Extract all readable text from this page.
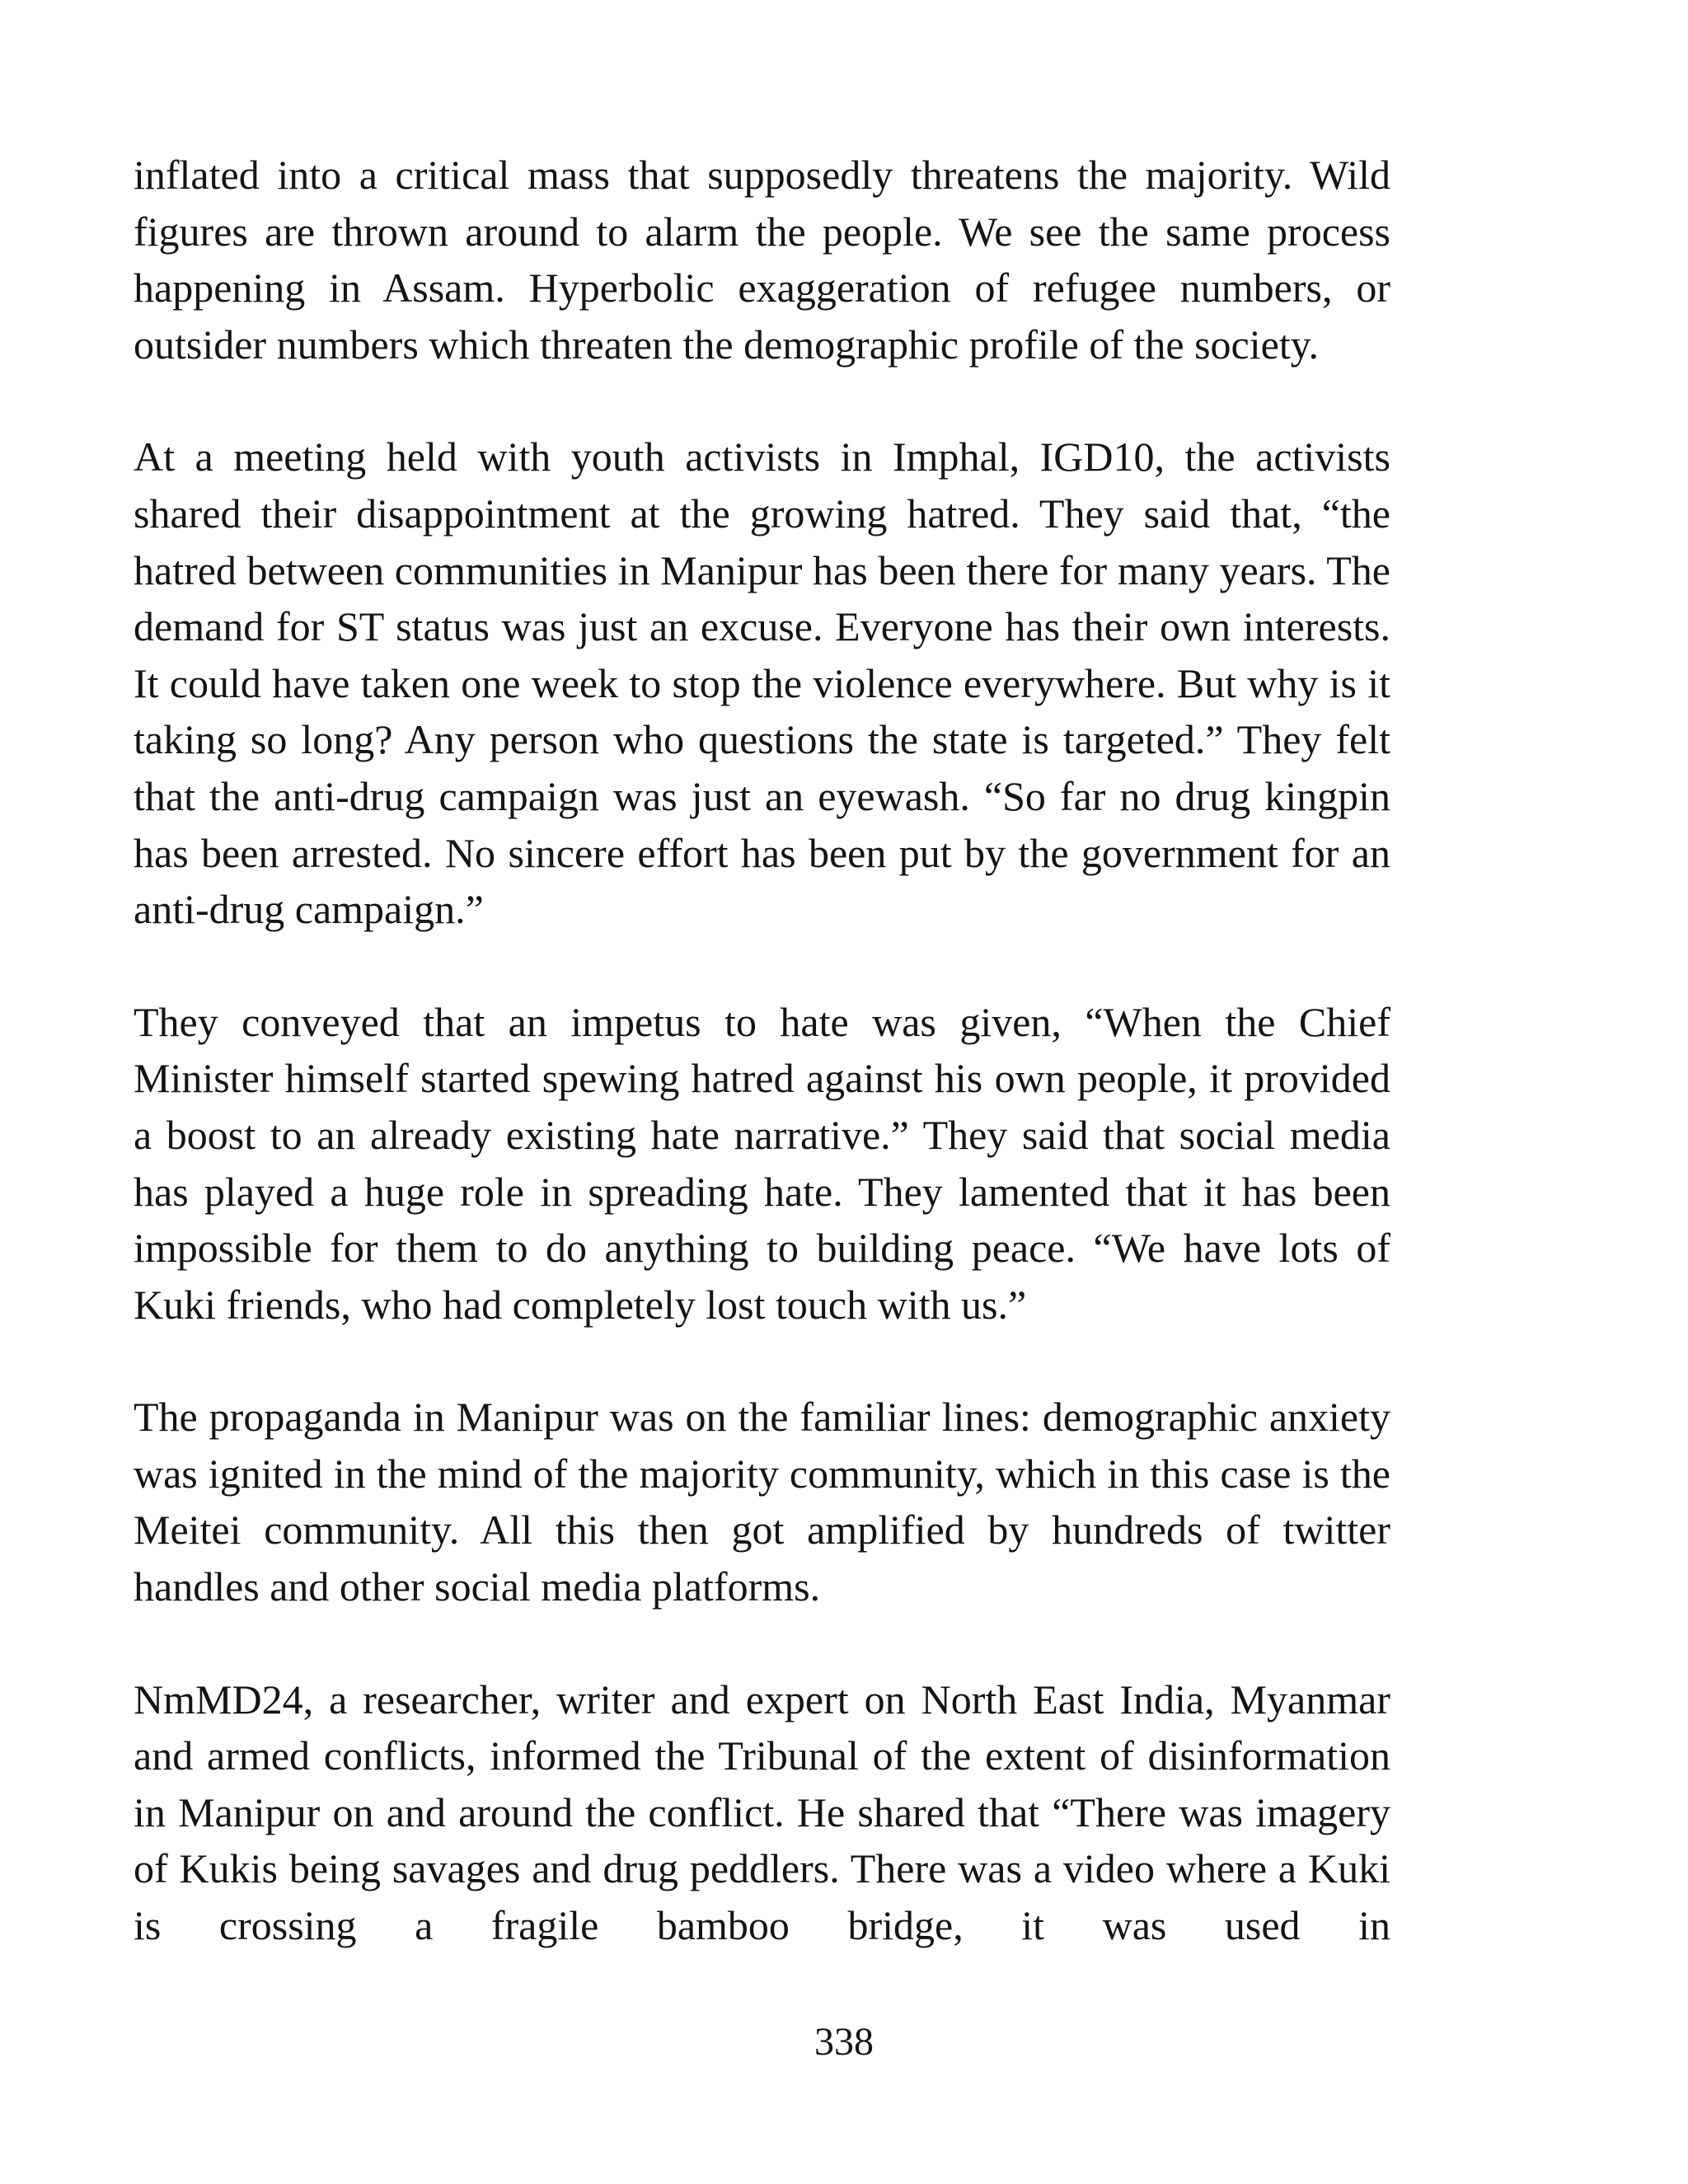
inflated into a critical mass that supposedly threatens the majority. Wild figures are thrown around to alarm the people. We see the same process happening in Assam. Hyperbolic exaggeration of refugee numbers, or outsider numbers which threaten the demographic profile of the society.

At a meeting held with youth activists in Imphal, IGD10, the activists shared their disappointment at the growing hatred. They said that, “the hatred between communities in Manipur has been there for many years. The demand for ST status was just an excuse. Everyone has their own interests. It could have taken one week to stop the violence everywhere. But why is it taking so long? Any person who questions the state is targeted.” They felt that the anti-drug campaign was just an eyewash. “So far no drug kingpin has been arrested. No sincere effort has been put by the government for an anti-drug campaign.”

They conveyed that an impetus to hate was given, “When the Chief Minister himself started spewing hatred against his own people, it provided a boost to an already existing hate narrative.” They said that social media has played a huge role in spreading hate. They lamented that it has been impossible for them to do anything to building peace. “We have lots of Kuki friends, who had completely lost touch with us.”

The propaganda in Manipur was on the familiar lines: demographic anxiety was ignited in the mind of the majority community, which in this case is the Meitei community. All this then got amplified by hundreds of twitter handles and other social media platforms.

NmMD24, a researcher, writer and expert on North East India, Myanmar and armed conflicts, informed the Tribunal of the extent of disinformation in Manipur on and around the conflict. He shared that “There was imagery of Kukis being savages and drug peddlers. There was a video where a Kuki is crossing a fragile bamboo bridge, it was used in

338
